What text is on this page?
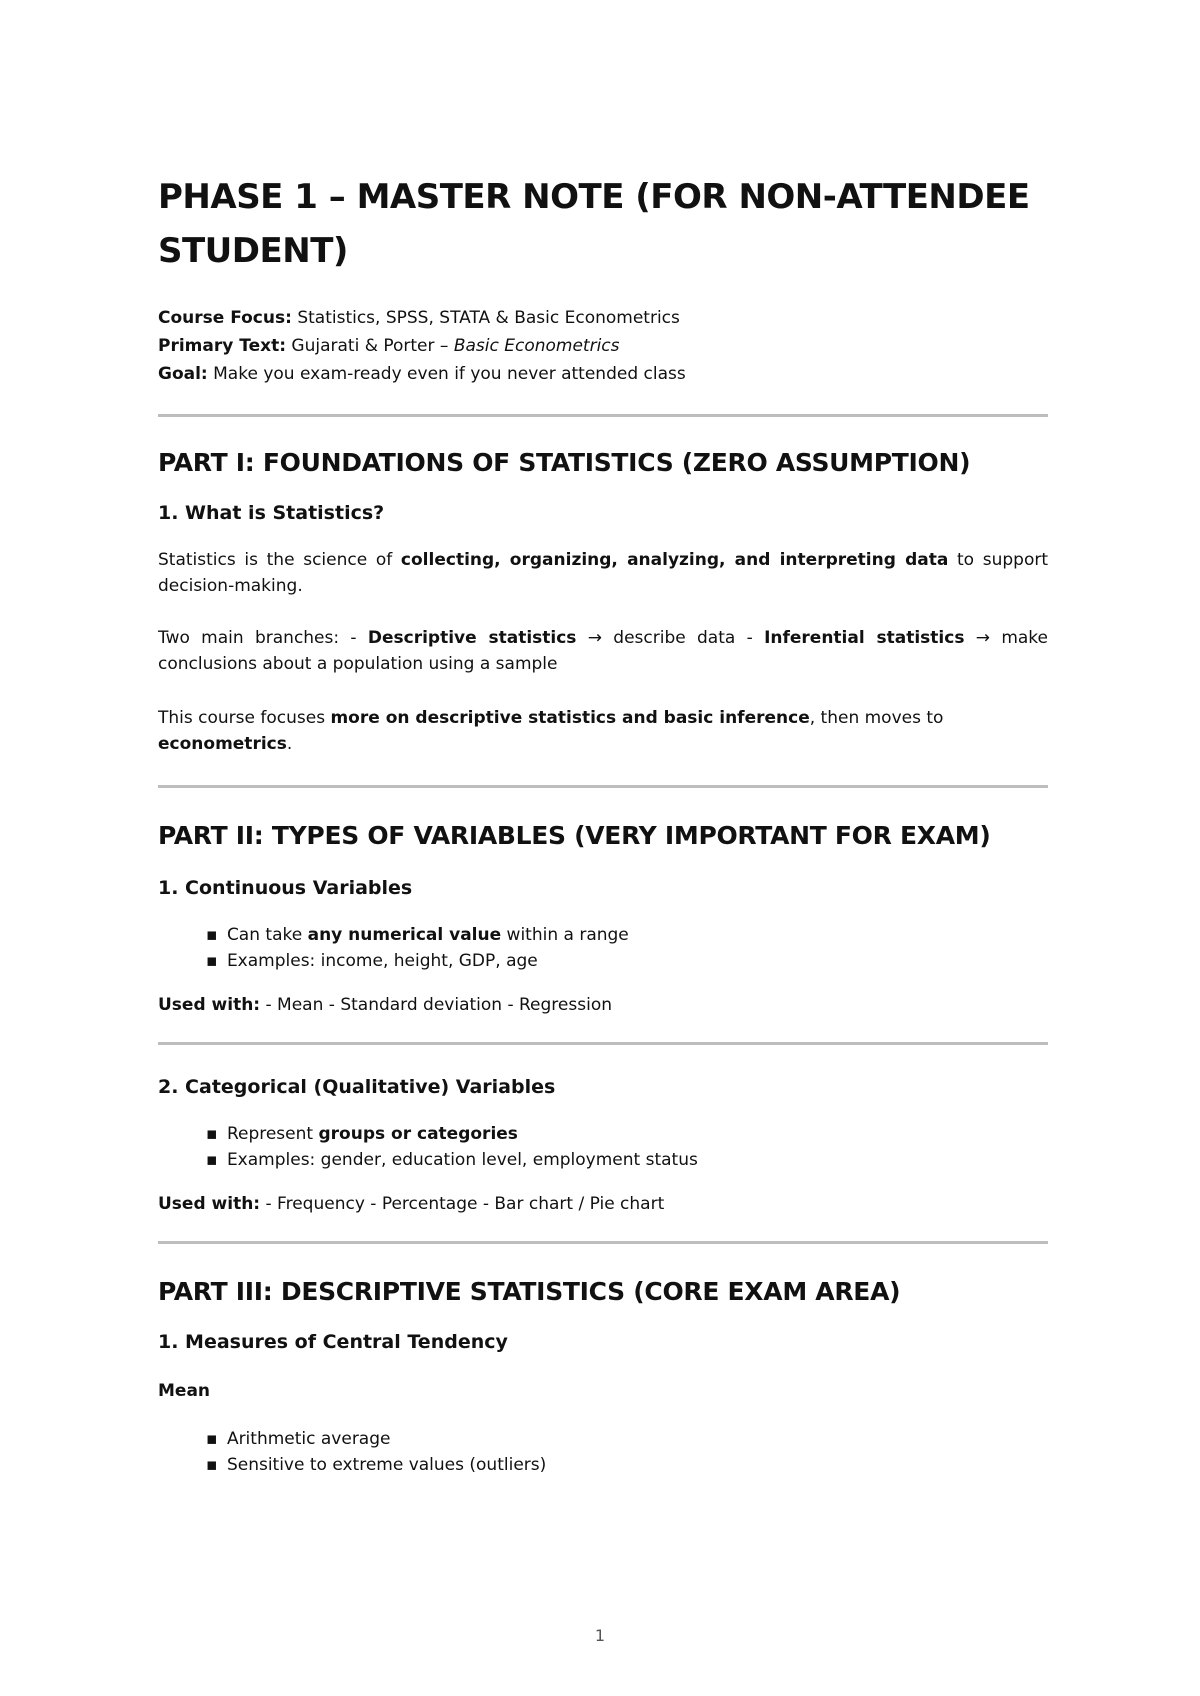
PHASE 1 – MASTER NOTE (FOR NON-ATTENDEE STUDENT)
Course Focus: Statistics, SPSS, STATA & Basic Econometrics
Primary Text: Gujarati & Porter – Basic Econometrics
Goal: Make you exam-ready even if you never attended class
PART I: FOUNDATIONS OF STATISTICS (ZERO ASSUMPTION)
1. What is Statistics?

Statistics is the science of collecting, organizing, analyzing, and interpreting data to support decision-making.

Two main branches: - Descriptive statistics → describe data - Inferential statistics → make conclusions about a population using a sample

This course focuses more on descriptive statistics and basic inference, then moves to econometrics.

PART II: TYPES OF VARIABLES (VERY IMPORTANT FOR EXAM)
1. Continuous Variables
▪ Can take any numerical value within a range
▪ Examples: income, height, GDP, age

Used with: - Mean - Standard deviation - Regression

2. Categorical (Qualitative) Variables
▪ Represent groups or categories
▪ Examples: gender, education level, employment status

Used with: - Frequency - Percentage - Bar chart / Pie chart

PART III: DESCRIPTIVE STATISTICS (CORE EXAM AREA)
1. Measures of Central Tendency
Mean
▪ Arithmetic average
▪ Sensitive to extreme values (outliers)
1
